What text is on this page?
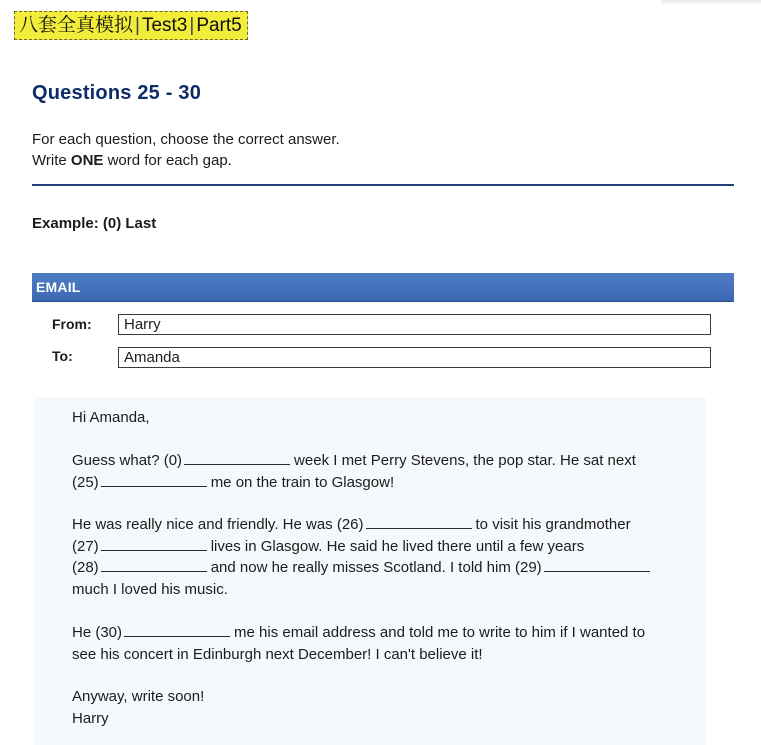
八套全真模拟 | Test3 | Part5
Questions 25 - 30
For each question, choose the correct answer.
Write ONE word for each gap.
Example: (0) Last
EMAIL
From:	Harry
To:	Amanda
Hi Amanda,
Guess what? (0)	week I met Perry Stevens, the pop star. He sat next
(25)	me on the train to Glasgow!
He was really nice and friendly. He was (26)	to visit his grandmother
(27)	lives in Glasgow. He said he lived there until a few years
(28)	and now he really misses Scotland. I told him (29)
much I loved his music.
He (30)	me his email address and told me to write to him if I wanted to
see his concert in Edinburgh next December! I can't believe it!
Anyway, write soon!
Harry
